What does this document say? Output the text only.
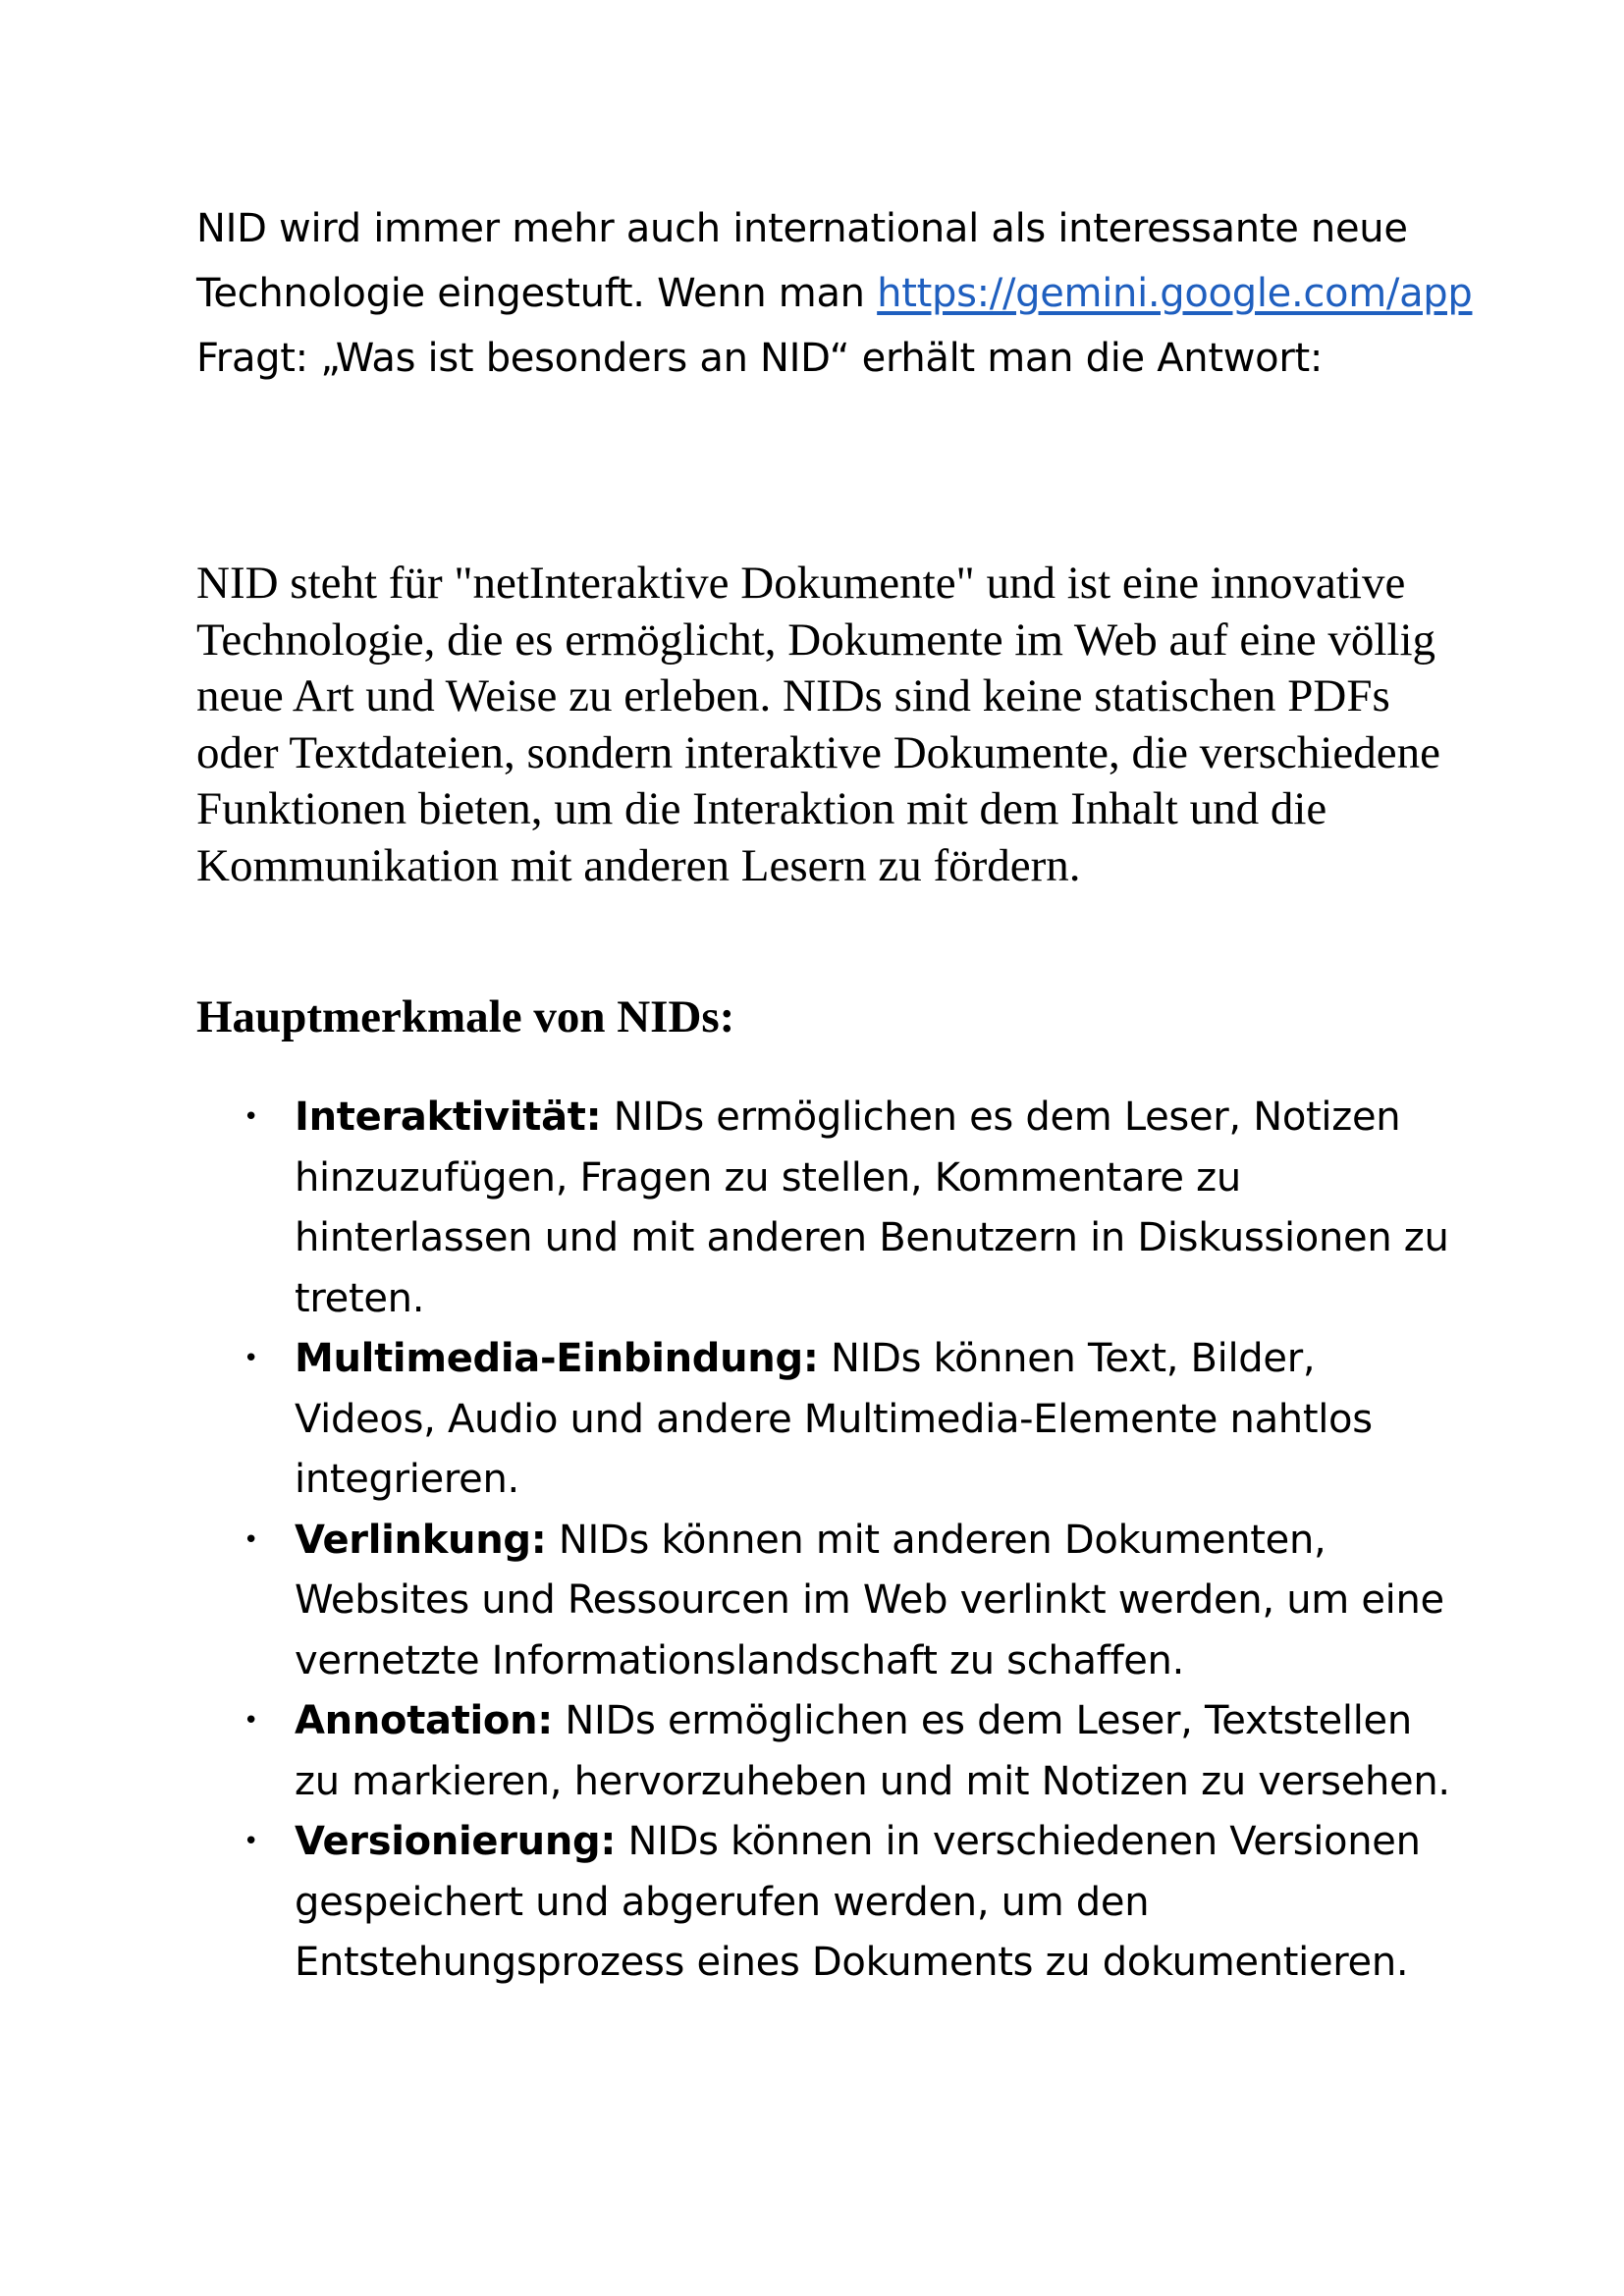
NID wird immer mehr auch international als interessante neue Technologie eingestuft. Wenn man https://gemini.google.com/app Fragt: „Was ist besonders an NID“ erhält man die Antwort:

NID steht für "netInteraktive Dokumente" und ist eine innovative Technologie, die es ermöglicht, Dokumente im Web auf eine völlig neue Art und Weise zu erleben. NIDs sind keine statischen PDFs oder Textdateien, sondern interaktive Dokumente, die verschiedene Funktionen bieten, um die Interaktion mit dem Inhalt und die Kommunikation mit anderen Lesern zu fördern.

Hauptmerkmale von NIDs:
• Interaktivität: NIDs ermöglichen es dem Leser, Notizen hinzuzufügen, Fragen zu stellen, Kommentare zu hinterlassen und mit anderen Benutzern in Diskussionen zu treten.
• Multimedia-Einbindung: NIDs können Text, Bilder, Videos, Audio und andere Multimedia-Elemente nahtlos integrieren.
• Verlinkung: NIDs können mit anderen Dokumenten, Websites und Ressourcen im Web verlinkt werden, um eine vernetzte Informationslandschaft zu schaffen.
• Annotation: NIDs ermöglichen es dem Leser, Textstellen zu markieren, hervorzuheben und mit Notizen zu versehen.
• Versionierung: NIDs können in verschiedenen Versionen gespeichert und abgerufen werden, um den Entstehungsprozess eines Dokuments zu dokumentieren.
